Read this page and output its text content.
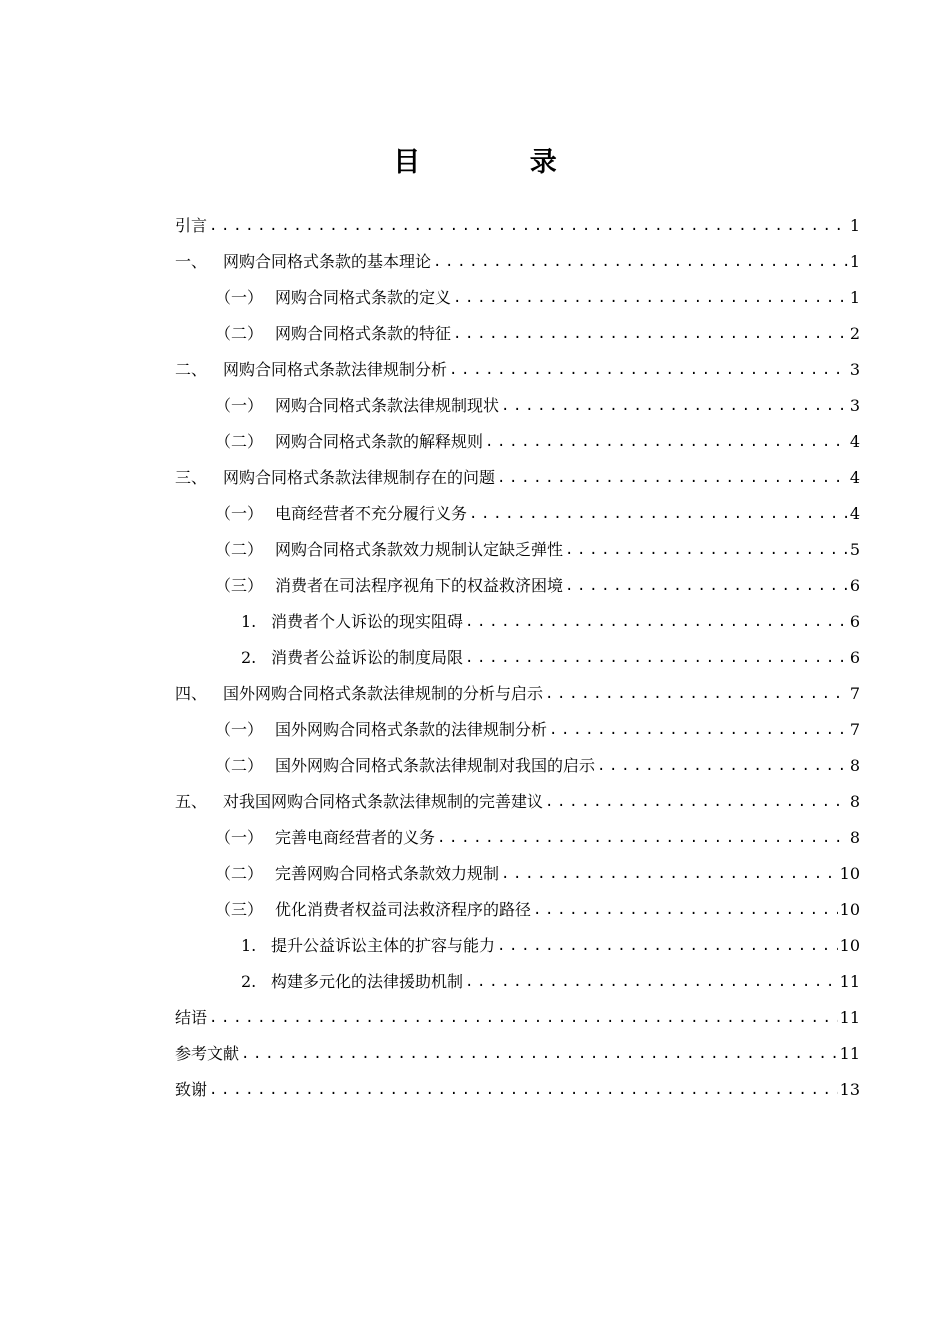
目 录
引言 .....	1
一、 网购合同格式条款的基本理论 .....	1
（一） 网购合同格式条款的定义 .....	1
（二） 网购合同格式条款的特征 .....	2
二、 网购合同格式条款法律规制分析 .....	3
（一） 网购合同格式条款法律规制现状 .....	3
（二） 网购合同格式条款的解释规则 .....	4
三、 网购合同格式条款法律规制存在的问题 .....	4
（一） 电商经营者不充分履行义务 .....	4
（二） 网购合同格式条款效力规制认定缺乏弹性 .....	5
（三） 消费者在司法程序视角下的权益救济困境 .....	6
1. 消费者个人诉讼的现实阻碍 .....	6
2. 消费者公益诉讼的制度局限 .....	6
四、 国外网购合同格式条款法律规制的分析与启示 .....	7
（一） 国外网购合同格式条款的法律规制分析 .....	7
（二） 国外网购合同格式条款法律规制对我国的启示 .....	8
五、 对我国网购合同格式条款法律规制的完善建议 .....	8
（一） 完善电商经营者的义务 .....	8
（二） 完善网购合同格式条款效力规制 .....	10
（三） 优化消费者权益司法救济程序的路径 .....	10
1. 提升公益诉讼主体的扩容与能力 .....	10
2. 构建多元化的法律援助机制 .....	11
结语 .....	11
参考文献 .....	11
致谢 .....	13
